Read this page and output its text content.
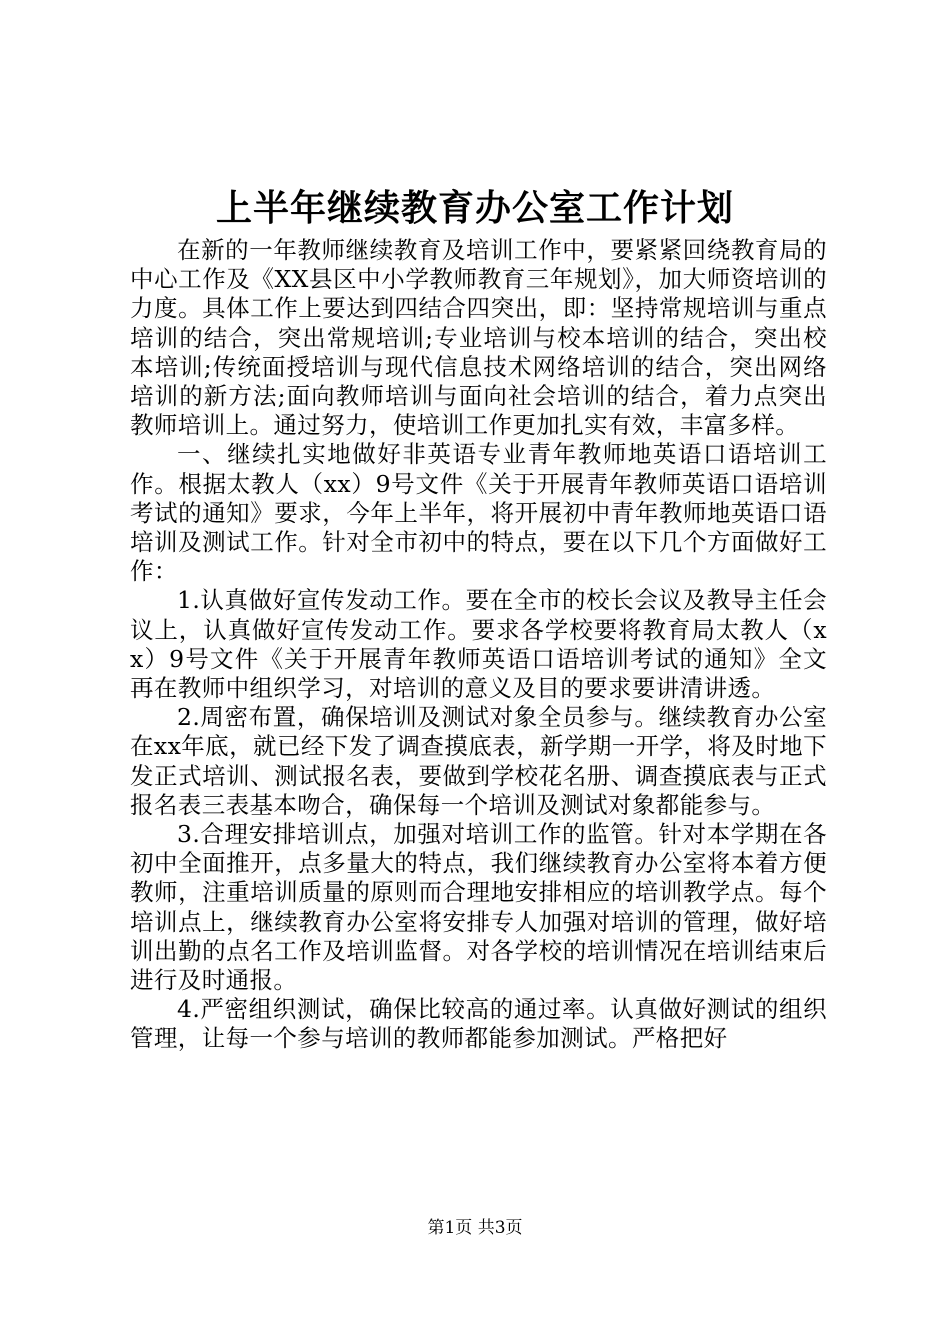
上半年继续教育办公室工作计划

在新的一年教师继续教育及培训工作中，要紧紧回绕教育局的中心工作及《XX县区中小学教师教育三年规划》，加大师资培训的力度。具体工作上要达到四结合四突出，即：坚持常规培训与重点培训的结合，突出常规培训;专业培训与校本培训的结合，突出校本培训;传统面授培训与现代信息技术网络培训的结合，突出网络培训的新方法;面向教师培训与面向社会培训的结合，着力点突出教师培训上。通过努力，使培训工作更加扎实有效，丰富多样。

一、继续扎实地做好非英语专业青年教师地英语口语培训工作。根据太教人（xx）9号文件《关于开展青年教师英语口语培训考试的通知》要求，今年上半年，将开展初中青年教师地英语口语培训及测试工作。针对全市初中的特点，要在以下几个方面做好工作：

1.认真做好宣传发动工作。要在全市的校长会议及教导主任会议上，认真做好宣传发动工作。要求各学校要将教育局太教人（xx）9号文件《关于开展青年教师英语口语培训考试的通知》全文再在教师中组织学习，对培训的意义及目的要求要讲清讲透。

2.周密布置，确保培训及测试对象全员参与。继续教育办公室在xx年底，就已经下发了调查摸底表，新学期一开学，将及时地下发正式培训、测试报名表，要做到学校花名册、调查摸底表与正式报名表三表基本吻合，确保每一个培训及测试对象都能参与。

3.合理安排培训点，加强对培训工作的监管。针对本学期在各初中全面推开，点多量大的特点，我们继续教育办公室将本着方便教师，注重培训质量的原则而合理地安排相应的培训教学点。每个培训点上，继续教育办公室将安排专人加强对培训的管理，做好培训出勤的点名工作及培训监督。对各学校的培训情况在培训结束后进行及时通报。

4.严密组织测试，确保比较高的通过率。认真做好测试的组织管理，让每一个参与培训的教师都能参加测试。严格把好

第1页 共3页
